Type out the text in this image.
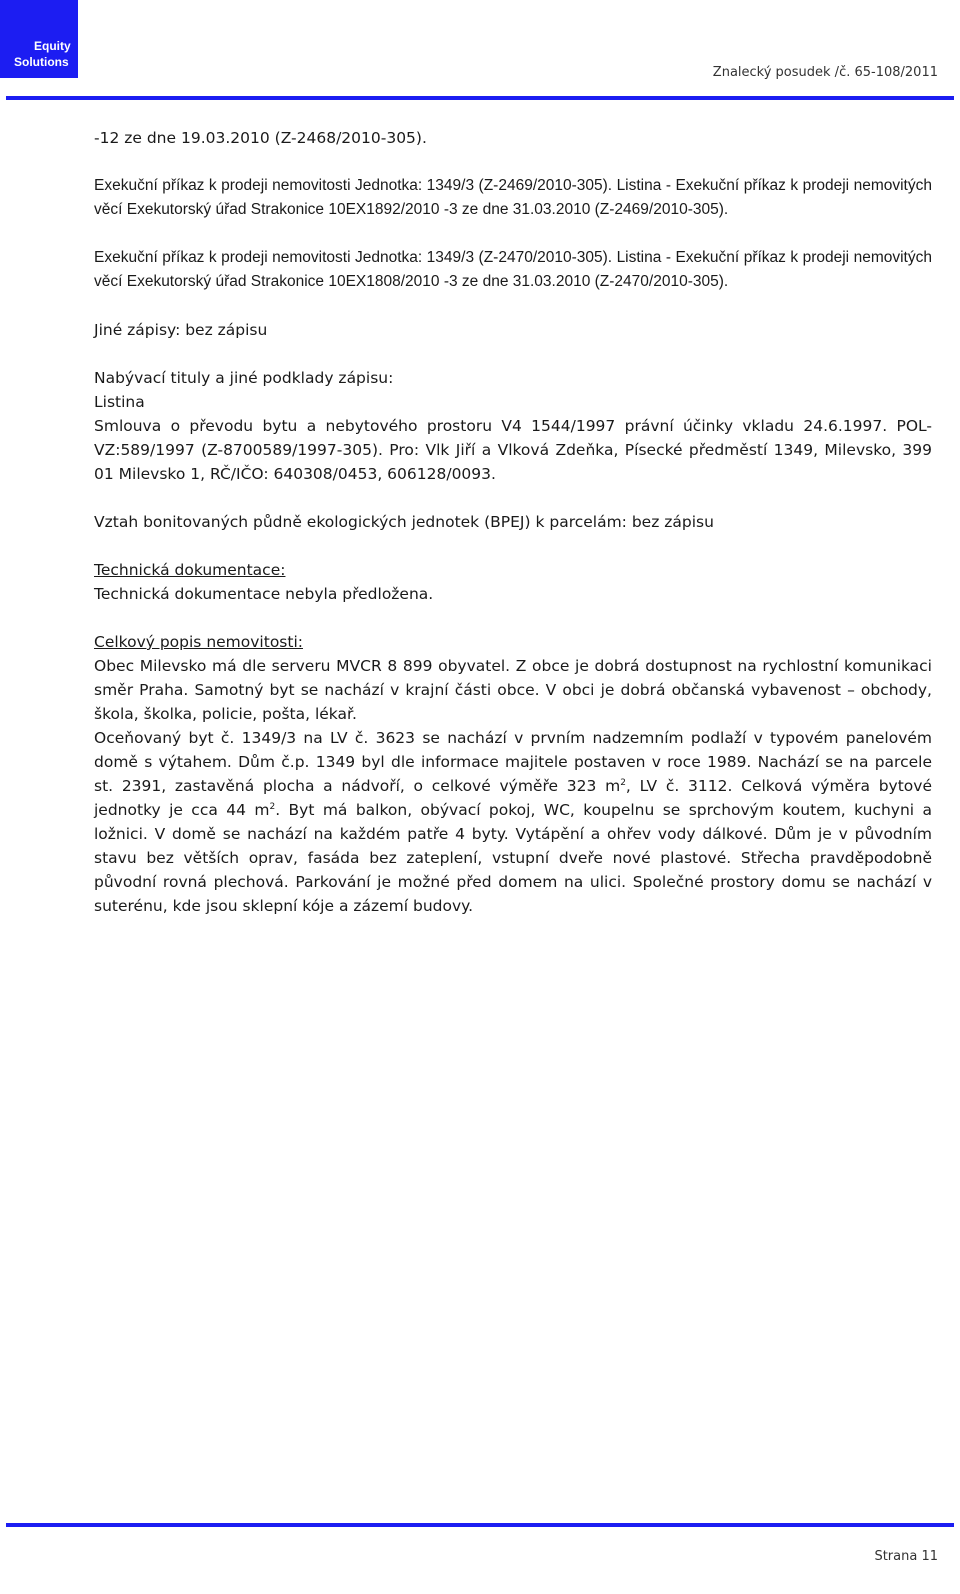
Equity
Solutions
Znalecký posudek /č. 65-108/2011

-12 ze dne 19.03.2010 (Z-2468/2010-305).

Exekuční příkaz k prodeji nemovitosti Jednotka: 1349/3 (Z-2469/2010-305). Listina - Exekuční příkaz k prodeji nemovitých věcí Exekutorský úřad Strakonice 10EX1892/2010 -3 ze dne 31.03.2010 (Z-2469/2010-305).

Exekuční příkaz k prodeji nemovitosti Jednotka: 1349/3 (Z-2470/2010-305). Listina - Exekuční příkaz k prodeji nemovitých věcí Exekutorský úřad Strakonice 10EX1808/2010 -3 ze dne 31.03.2010 (Z-2470/2010-305).

Jiné zápisy: bez zápisu

Nabývací tituly a jiné podklady zápisu:
Listina

Smlouva o převodu bytu a nebytového prostoru V4 1544/1997 právní účinky vkladu 24.6.1997. POL-VZ:589/1997 (Z-8700589/1997-305). Pro: Vlk Jiří a Vlková Zdeňka, Písecké předměstí 1349, Milevsko, 399 01 Milevsko 1, RČ/IČO: 640308/0453, 606128/0093.

Vztah bonitovaných půdně ekologických jednotek (BPEJ) k parcelám: bez zápisu

Technická dokumentace:
Technická dokumentace nebyla předložena.

Celkový popis nemovitosti:

Obec Milevsko má dle serveru MVCR 8 899 obyvatel. Z obce je dobrá dostupnost na rychlostní komunikaci směr Praha. Samotný byt se nachází v krajní části obce. V obci je dobrá občanská vybavenost – obchody, škola, školka, policie, pošta, lékař.

Oceňovaný byt č. 1349/3 na LV č. 3623 se nachází v prvním nadzemním podlaží v typovém panelovém domě s výtahem. Dům č.p. 1349 byl dle informace majitele postaven v roce 1989. Nachází se na parcele st. 2391, zastavěná plocha a nádvoří, o celkové výměře 323 $m^2$, LV č. 3112. Celková výměra bytové jednotky je cca 44 $m^2$. Byt má balkon, obývací pokoj, WC, koupelnu se sprchovým koutem, kuchyni a ložnici. V domě se nachází na každém patře 4 byty. Vytápění a ohřev vody dálkové. Dům je v původním stavu bez větších oprav, fasáda bez zateplení, vstupní dveře nové plastové. Střecha pravděpodobně původní rovná plechová. Parkování je možné před domem na ulici. Společné prostory domu se nachází v suterénu, kde jsou sklepní kóje a zázemí budovy.

Strana 11
